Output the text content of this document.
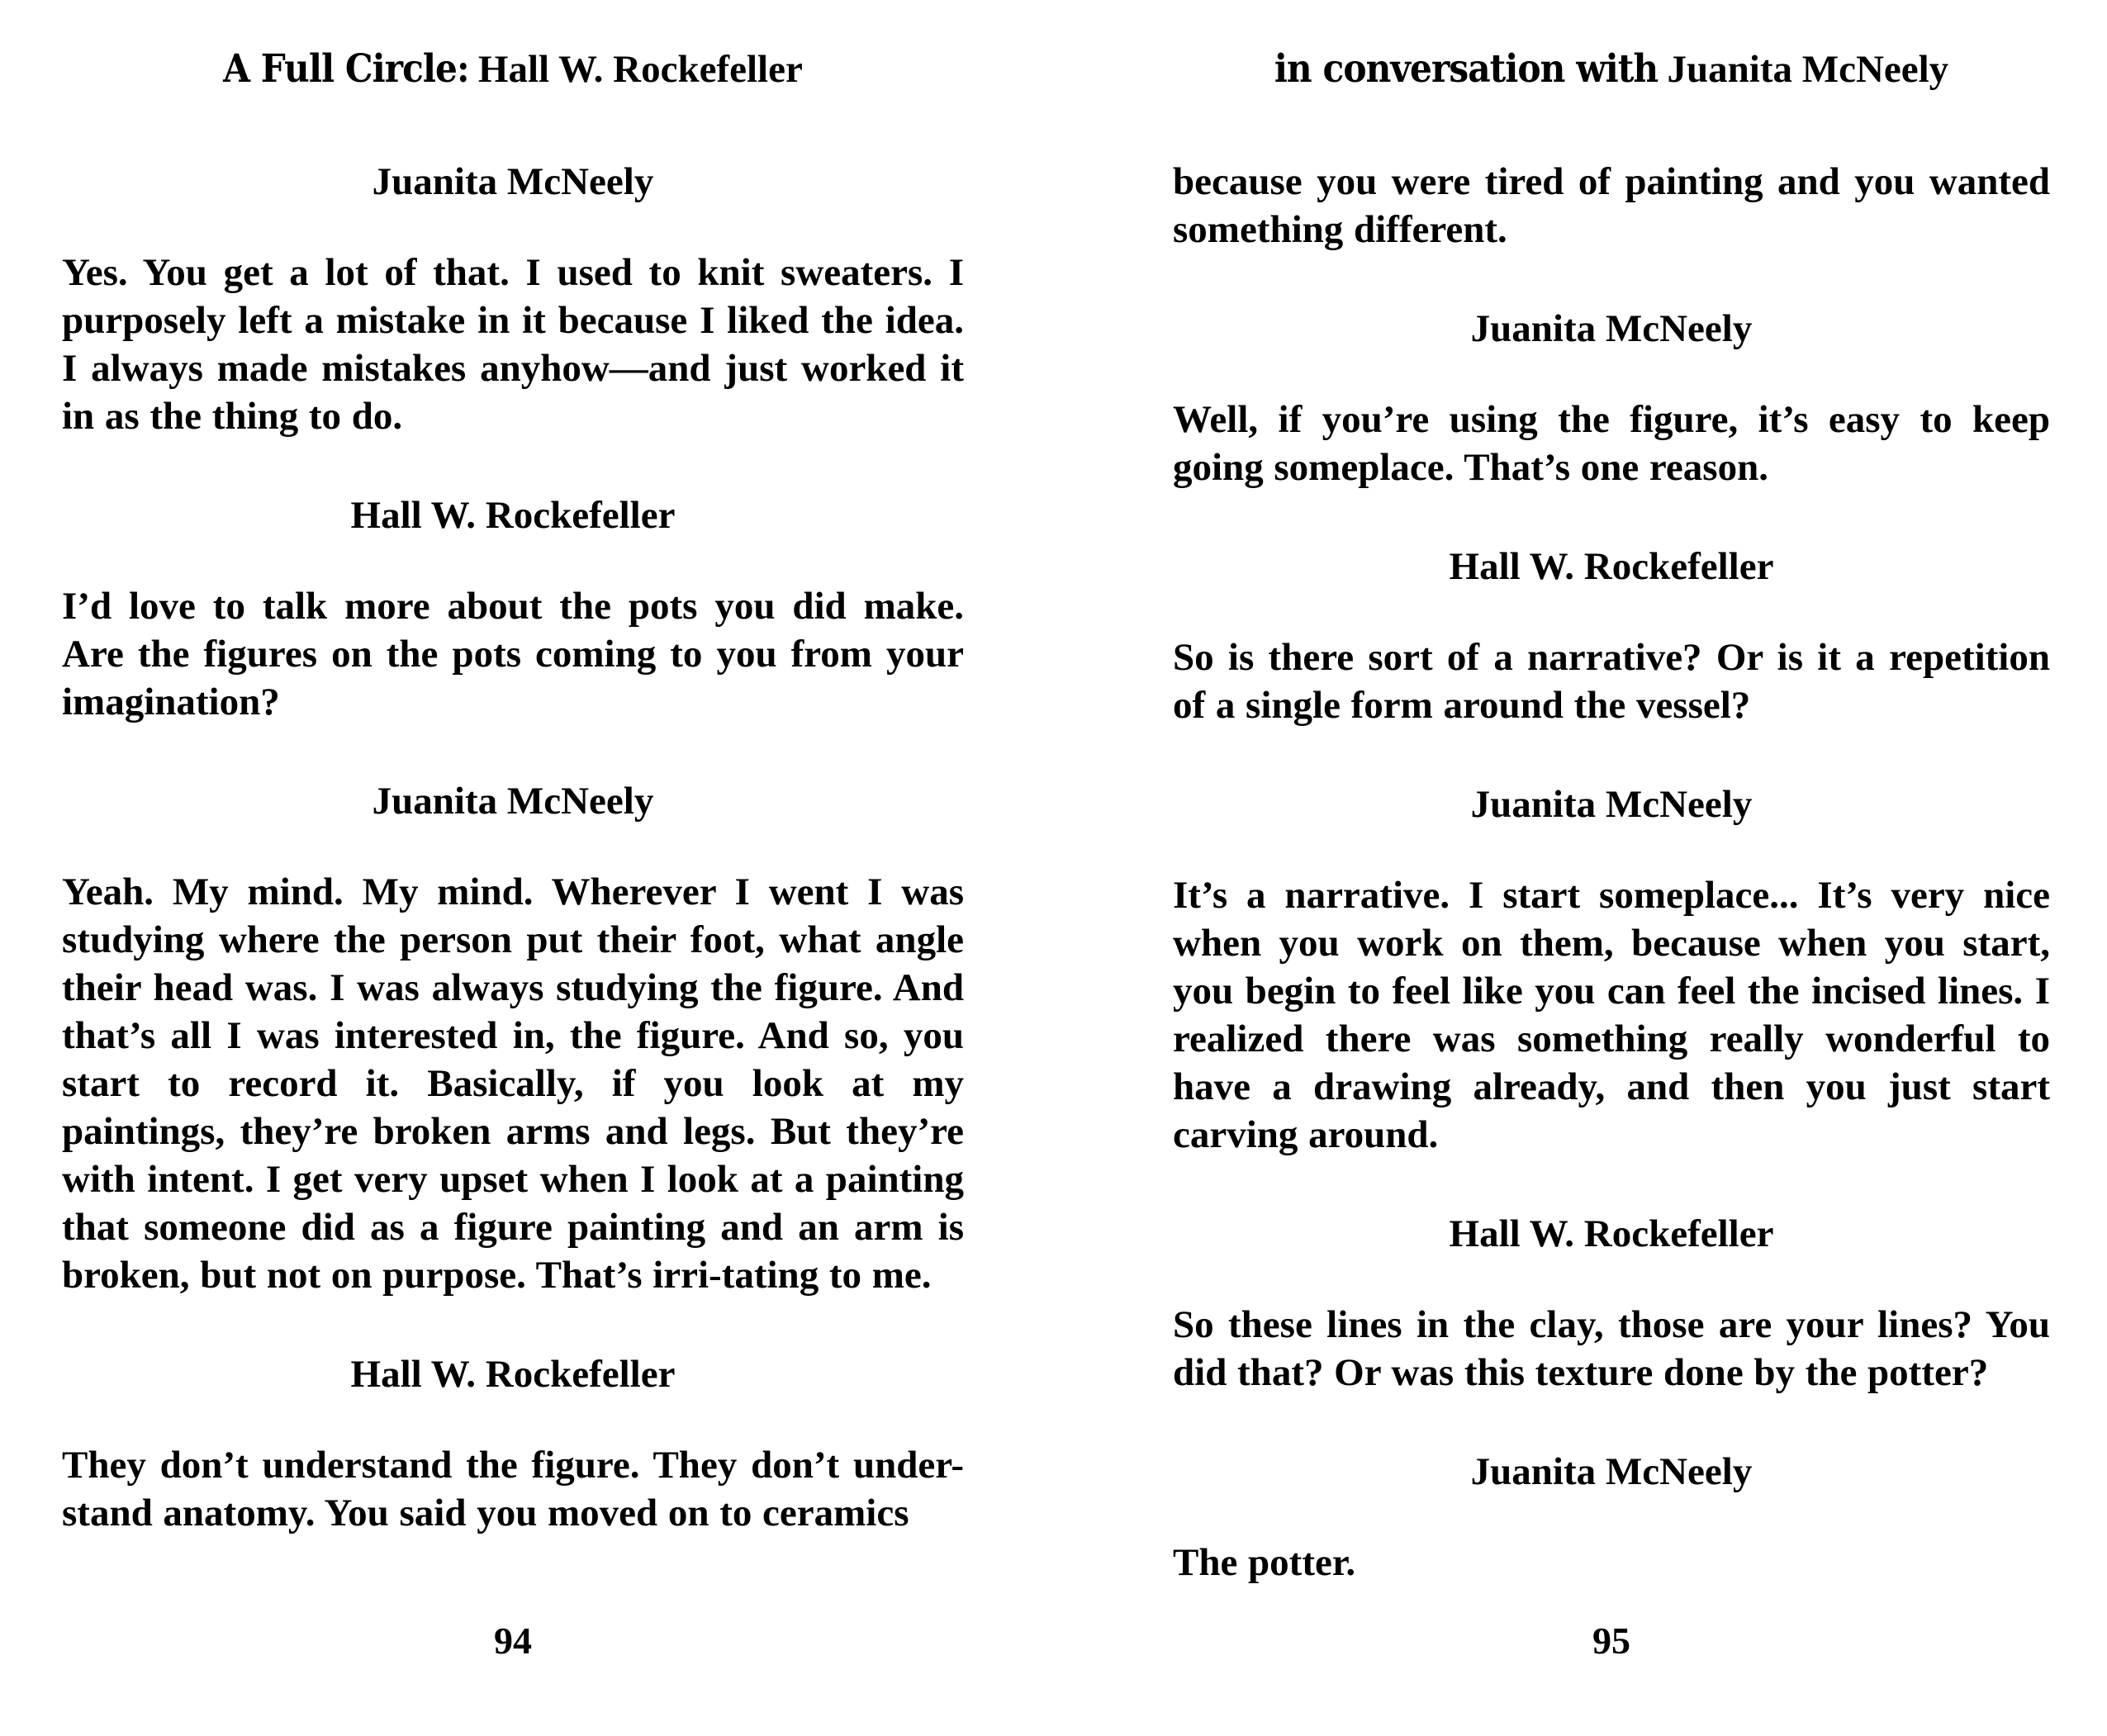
A Full Circle: Hall W. Rockefeller
Juanita McNeely

Yes. You get a lot of that. I used to knit sweaters. I purposely left a mistake in it because I liked the idea. I always made mistakes anyhow—and just worked it in as the thing to do.

Hall W. Rockefeller

I’d love to talk more about the pots you did make. Are the figures on the pots coming to you from your imagination?

Juanita McNeely

Yeah. My mind. My mind. Wherever I went I was studying where the person put their foot, what angle their head was. I was always studying the figure. And that’s all I was interested in, the figure. And so, you start to record it. Basically, if you look at my paintings, they’re broken arms and legs. But they’re with intent. I get very upset when I look at a painting that someone did as a figure painting and an arm is broken, but not on purpose. That’s irri-tating to me.

Hall W. Rockefeller

They don’t understand the figure. They don’t under-stand anatomy. You said you moved on to ceramics

94
in conversation with Juanita McNeely

because you were tired of painting and you wanted something different.

Juanita McNeely

Well, if you’re using the figure, it’s easy to keep going someplace. That’s one reason.

Hall W. Rockefeller

So is there sort of a narrative? Or is it a repetition of a single form around the vessel?

Juanita McNeely

It’s a narrative. I start someplace... It’s very nice when you work on them, because when you start, you begin to feel like you can feel the incised lines. I realized there was something really wonderful to have a drawing already, and then you just start carving around.

Hall W. Rockefeller

So these lines in the clay, those are your lines? You did that? Or was this texture done by the potter?

Juanita McNeely

The potter.

95
